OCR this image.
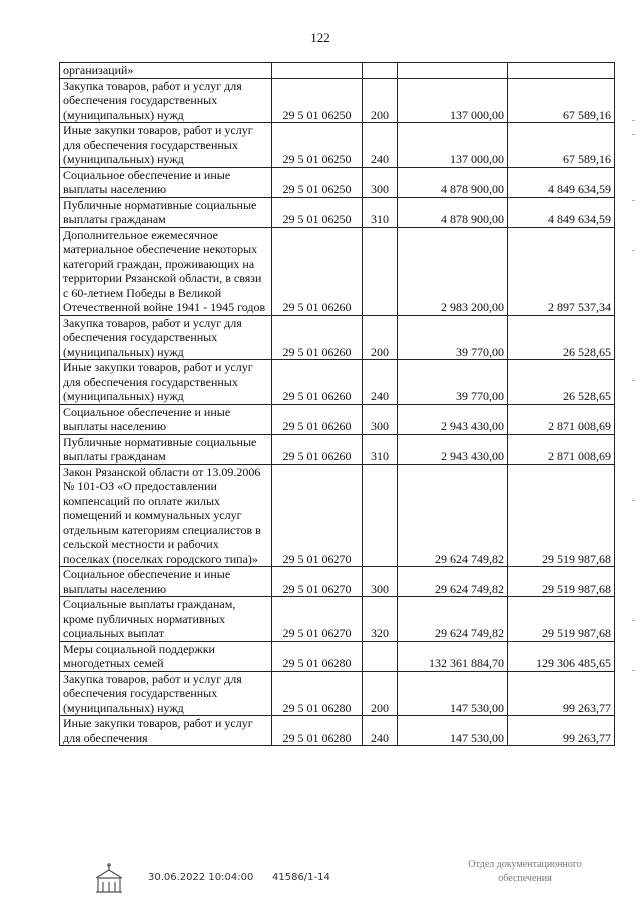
122
организаций»				
Закупка товаров, работ и услуг для обеспечения государственных (муниципальных) нужд	29 5 01 06250	200	137 000,00	67 589,16
Иные закупки товаров, работ и услуг для обеспечения государственных (муниципальных) нужд	29 5 01 06250	240	137 000,00	67 589,16
Социальное обеспечение и иные выплаты населению	29 5 01 06250	300	4 878 900,00	4 849 634,59
Публичные нормативные социальные выплаты гражданам	29 5 01 06250	310	4 878 900,00	4 849 634,59
Дополнительное ежемесячное материальное обеспечение некоторых категорий граждан, проживающих на территории Рязанской области, в связи с 60-летием Победы в Великой Отечественной войне 1941 - 1945 годов	29 5 01 06260		2 983 200,00	2 897 537,34
Закупка товаров, работ и услуг для обеспечения государственных (муниципальных) нужд	29 5 01 06260	200	39 770,00	26 528,65
Иные закупки товаров, работ и услуг для обеспечения государственных (муниципальных) нужд	29 5 01 06260	240	39 770,00	26 528,65
Социальное обеспечение и иные выплаты населению	29 5 01 06260	300	2 943 430,00	2 871 008,69
Публичные нормативные социальные выплаты гражданам	29 5 01 06260	310	2 943 430,00	2 871 008,69
Закон Рязанской области от 13.09.2006 № 101-ОЗ «О предоставлении компенсаций по оплате жилых помещений и коммунальных услуг отдельным категориям специалистов в сельской местности и рабочих поселках (поселках городского типа)»	29 5 01 06270		29 624 749,82	29 519 987,68
Социальное обеспечение и иные выплаты населению	29 5 01 06270	300	29 624 749,82	29 519 987,68
Социальные выплаты гражданам, кроме публичных нормативных социальных выплат	29 5 01 06270	320	29 624 749,82	29 519 987,68
Меры социальной поддержки многодетных семей	29 5 01 06280		132 361 884,70	129 306 485,65
Закупка товаров, работ и услуг для обеспечения государственных (муниципальных) нужд	29 5 01 06280	200	147 530,00	99 263,77
Иные закупки товаров, работ и услуг для обеспечения	29 5 01 06280	240	147 530,00	99 263,77
30.06.2022 10:04:00 41586/1-14
Отдел документационного
обеспечения
